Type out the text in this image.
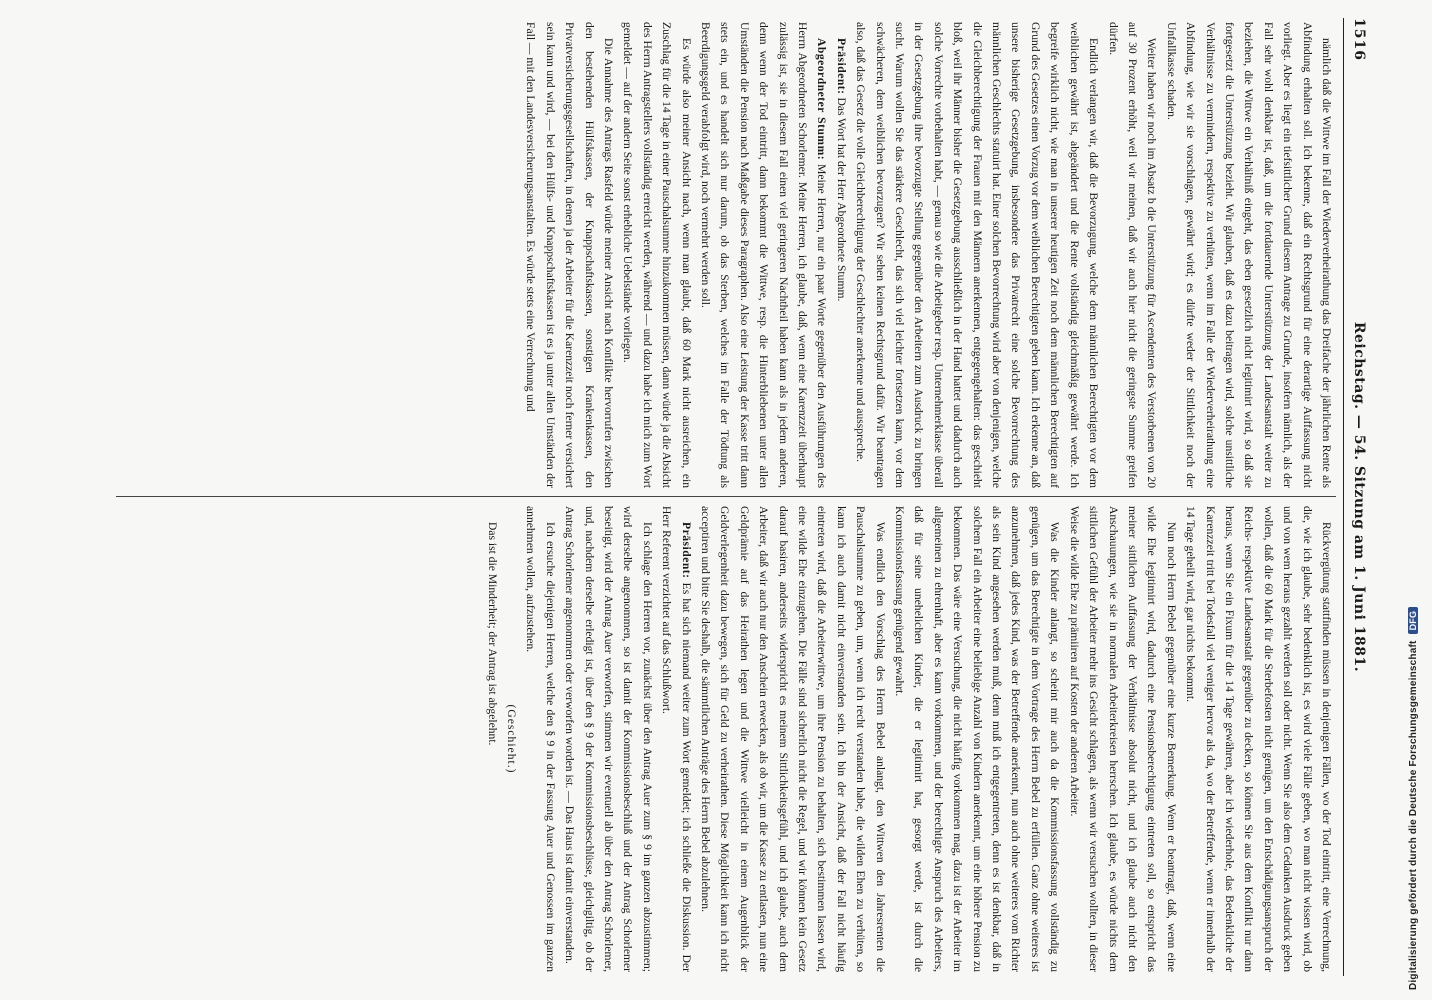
1516
Reichstag. — 54. Sitzung am 1. Juni 1881.

nämlich daß die Wittwe im Fall der Wiederverheirathung das Dreifache der jährlichen Rente als Abfindung erhalten soll. Ich bekenne, daß ein Rechtsgrund für eine derartige Auffassung nicht vorliegt. Aber es liegt ein tiefsittlicher Grund diesem Antrage zu Grunde, insofern nämlich, als der Fall sehr wohl denkbar ist, daß, um die fortdauernde Unterstützung der Landesanstalt weiter zu beziehen, die Wittwe ein Verhältniß eingeht, das eben gesetzlich nicht legitimirt wird, so daß sie fortgesetzt die Unterstützung bezieht. Wir glauben, daß es dazu beitragen wird, solche unsittliche Verhältnisse zu vermindern, respektive zu verhüten, wenn im Falle der Wiederverheirathung eine Abfindung, wie wir sie vorschlagen, gewährt wird; es dürfte weder der Sittlichkeit noch der Unfallkasse schaden.

Weiter haben wir noch im Absatz b die Unterstützung für Ascendenten des Verstorbenen von 20 auf 30 Prozent erhöht, weil wir meinen, daß wir auch hier nicht die geringste Summe greifen dürfen.

Endlich verlangen wir, daß die Bevorzugung, welche dem männlichen Berechtigten vor dem weiblichen gewährt ist, abgeändert und die Rente vollständig gleichmäßig gewährt werde. Ich begreife wirklich nicht, wie man in unserer heutigen Zeit noch dem männlichen Berechtigten auf Grund des Gesetzes einen Vorzug vor dem weiblichen Berechtigten geben kann. Ich erkenne an, daß unsere bisherige Gesetzgebung, insbesondere das Privatrecht eine solche Bevorrechtung des männlichen Geschlechts statuirt hat. Einer solchen Bevorrechtung wird aber von denjenigen, welche die Gleichberechtigung der Frauen mit den Männern anerkennen, entgegengehalten: das geschieht bloß, weil ihr Männer bisher die Gesetzgebung ausschließlich in der Hand hattet und dadurch auch solche Vorrechte vorbehalten habt, — genau so wie die Arbeitgeber resp. Unternehmerklasse überall in der Gesetzgebung ihre bevorzugte Stellung gegenüber den Arbeitern zum Ausdruck zu bringen sucht. Warum wollen Sie das stärkere Geschlecht, das sich viel leichter fortsetzen kann, vor dem schwächeren, dem weiblichen bevorzugen? Wir sehen keinen Rechtsgrund dafür. Wir beantragen also, daß das Gesetz die volle Gleichberechtigung der Geschlechter anerkenne und ausspreche.

Präsident: Das Wort hat der Herr Abgeordnete Stumm.

Abgeordneter Stumm: Meine Herren, nur ein paar Worte gegenüber den Ausführungen des Herrn Abgeordneten Schorlemer. Meine Herren, ich glaube, daß, wenn eine Karenzzeit überhaupt zulässig ist, sie in diesem Fall einen viel geringeren Nachtheil haben kann als in jedem anderen, denn wenn der Tod eintritt, dann bekommt die Wittwe, resp. die Hinterbliebenen unter allen Umständen die Pension nach Maßgabe dieses Paragraphen. Also eine Leistung der Kasse tritt dann stets ein, und es handelt sich nur darum, ob das Sterben, welches im Falle der Tödtung als Beerdigungsgeld verabfolgt wird, noch vermehrt werden soll.

Es würde also meiner Ansicht nach, wenn man glaubt, daß 60 Mark nicht ausreichen, ein Zuschlag für die 14 Tage in einer Pauschalsumme hinzukommen müssen, dann würde ja die Absicht des Herrn Antragstellers vollständig erreicht werden, während — und dazu habe ich mich zum Wort gemeldet — auf der andern Seite sonst erhebliche Uebelstände vorliegen.

Die Annahme des Antrags Rasfeld würde meiner Ansicht nach Konflikte hervorrufen zwischen den bestehenden Hülfskassen, der Knappschaftskassen, sonstigen Krankenkassen, den Privatversicherungsgesellschaften, in denen ja der Arbeiter für die Karenzzeit noch ferner versichert sein kann und wird, — bei den Hülfs- und Knappschaftskassen ist es ja unter allen Umständen der Fall — mit den Landesversicherungsanstalten. Es würde stets eine Verrechnung und

Rückvergütung stattfinden müssen in denjenigen Fällen, wo der Tod eintritt, eine Verrechnung, die, wie ich glaube, sehr bedenklich ist, es wird viele Fälle geben, wo man nicht wissen wird, ob und von wem heraus gezahlt werden soll oder nicht. Wenn Sie also dem Gedanken Ausdruck geben wollen, daß die 60 Mark für die Sterbefosten nicht genügen, um den Entschädigungsanspruch der Reichs- respektive Landesanstalt gegenüber zu decken, so können Sie aus dem Konflikt nur dann heraus, wenn Sie ein Fixum für die 14 Tage gewähren, aber ich wiederhole, das Bedenkliche der Karenzzeit tritt bei Todesfall viel weniger hervor als da, wo der Betreffende, wenn er innerhalb der 14 Tage geheilt wird, gar nichts bekommt.

Nun noch Herrn Bebel gegenüber eine kurze Bemerkung. Wenn er beantragt, daß, wenn eine wilde Ehe legitimirt wird, dadurch eine Pensionsberechtigung eintreten soll, so entspricht das meiner sittlichen Auffassung der Verhältnisse absolut nicht, und ich glaube auch nicht den Anschauungen, wie sie in normalen Arbeiterkreisen herrschen. Ich glaube, es würde nichts dem sittlichen Gefühl der Arbeiter mehr ins Gesicht schlagen, als wenn wir versuchen wollten, in dieser Weise die wilde Ehe zu prämiiren auf Kosten der anderen Arbeiter.

Was die Kinder anlangt, so scheint mir auch da die Kommissionsfassung vollständig zu genügen, um das Berechtigte in dem Vortrage des Herrn Bebel zu erfüllen. Ganz ohne weiteres ist anzunehmen, daß jedes Kind, was der Betreffende anerkennt, nun auch ohne weiteres vom Richter als sein Kind angesehen werden muß, denn muß ich entgegentreten, denn es ist denkbar, daß in solchem Fall ein Arbeiter eine beliebige Anzahl von Kindern anerkennt, um eine höhere Pension zu bekommen. Das wäre eine Versuchung, die nicht häufig vorkommen mag, dazu ist der Arbeiter im allgemeinen zu ehrenhaft, aber es kann vorkommen, und der berechtigte Anspruch des Arbeiters, daß für seine unehelichen Kinder, die er legitimirt hat, gesorgt werde, ist durch die Kommissionsfassung genügend gewahrt.

Was endlich den Vorschlag des Herrn Bebel anlangt, den Wittwen den Jahresrenten die Pauschalsumme zu geben, um, wenn ich recht verstanden habe, die wilden Ehen zu verhüten, so kann ich auch damit nicht einverstanden sein. Ich bin der Ansicht, daß der Fall nicht häufig eintreten wird, daß die Arbeiterwittwe, um ihre Pension zu behalten, sich bestimmen lassen wird, eine wilde Ehe einzugehen. Die Fälle sind sicherlich nicht die Regel, und wir können kein Gesetz darauf basiren, anderseits widerspricht es meinem Sittlichkeitsgefühl, und ich glaube, auch dem Arbeiter, daß wir auch nur den Anschein erwecken, als ob wir, um die Kasse zu entlasten, nun eine Geldprämie auf das Heirathen legen und die Wittwe vielleicht in einem Augenblick der Geldverlegenheit dazu bewegen, sich für Geld zu verheirathen. Diese Möglichkeit kann ich nicht acceptiren und bitte Sie deshalb, die sämmtlichen Anträge des Herrn Bebel abzulehnen.

Präsident: Es hat sich niemand weiter zum Wort gemeldet; ich schließe die Diskussion. Der Herr Referent verzichtet auf das Schlußwort.

Ich schlage den Herren vor, zunächst über den Antrag Auer zum § 9 im ganzen abzustimmen; wird derselbe angenommen, so ist damit der Kommissionsbeschluß und der Antrag Schorlemer beseitigt, wird der Antrag Auer verworfen, stimmen wir eventuell ab über den Antrag Schorlemer, und, nachdem derselbe erledigt ist, über den § 9 der Kommissionsbeschlüsse, gleichgiltig, ob der Antrag Schorlemer angenommen oder verworfen worden ist. — Das Haus ist damit einverstanden.

Ich ersuche diejenigen Herren, welche den § 9 in der Fassung Auer und Genossen im ganzen annehmen wollen, aufzustehen.

(Geschieht.)

Das ist die Minderheit; der Antrag ist abgelehnt.

Digitalisierung gefördert durch die Deutsche ForschungsgemeinschaftDFG
